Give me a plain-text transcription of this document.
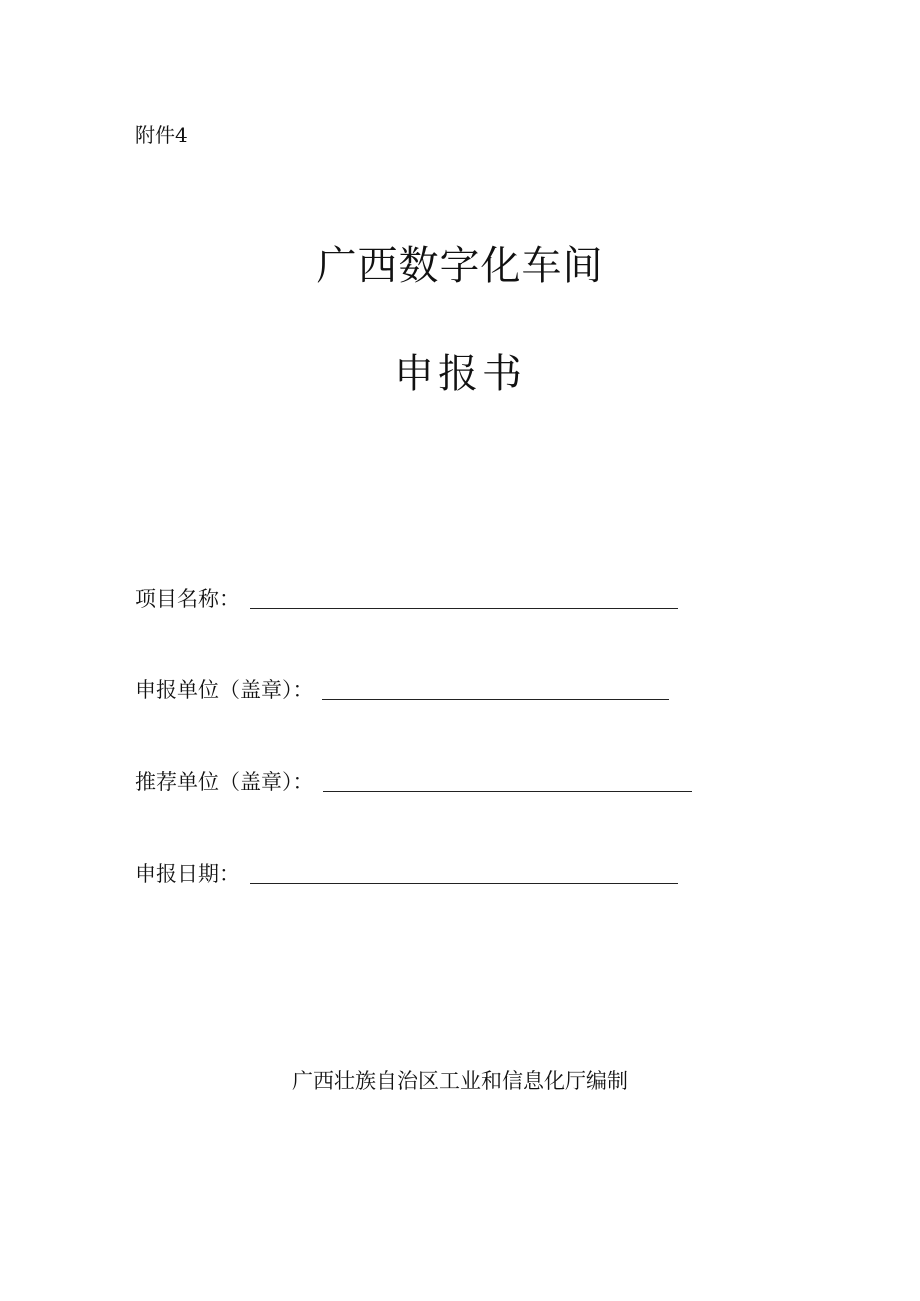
附件4
广西数字化车间
申报书
项目名称：
申报单位（盖章）：
推荐单位（盖章）：
申报日期：
广西壮族自治区工业和信息化厅编制
